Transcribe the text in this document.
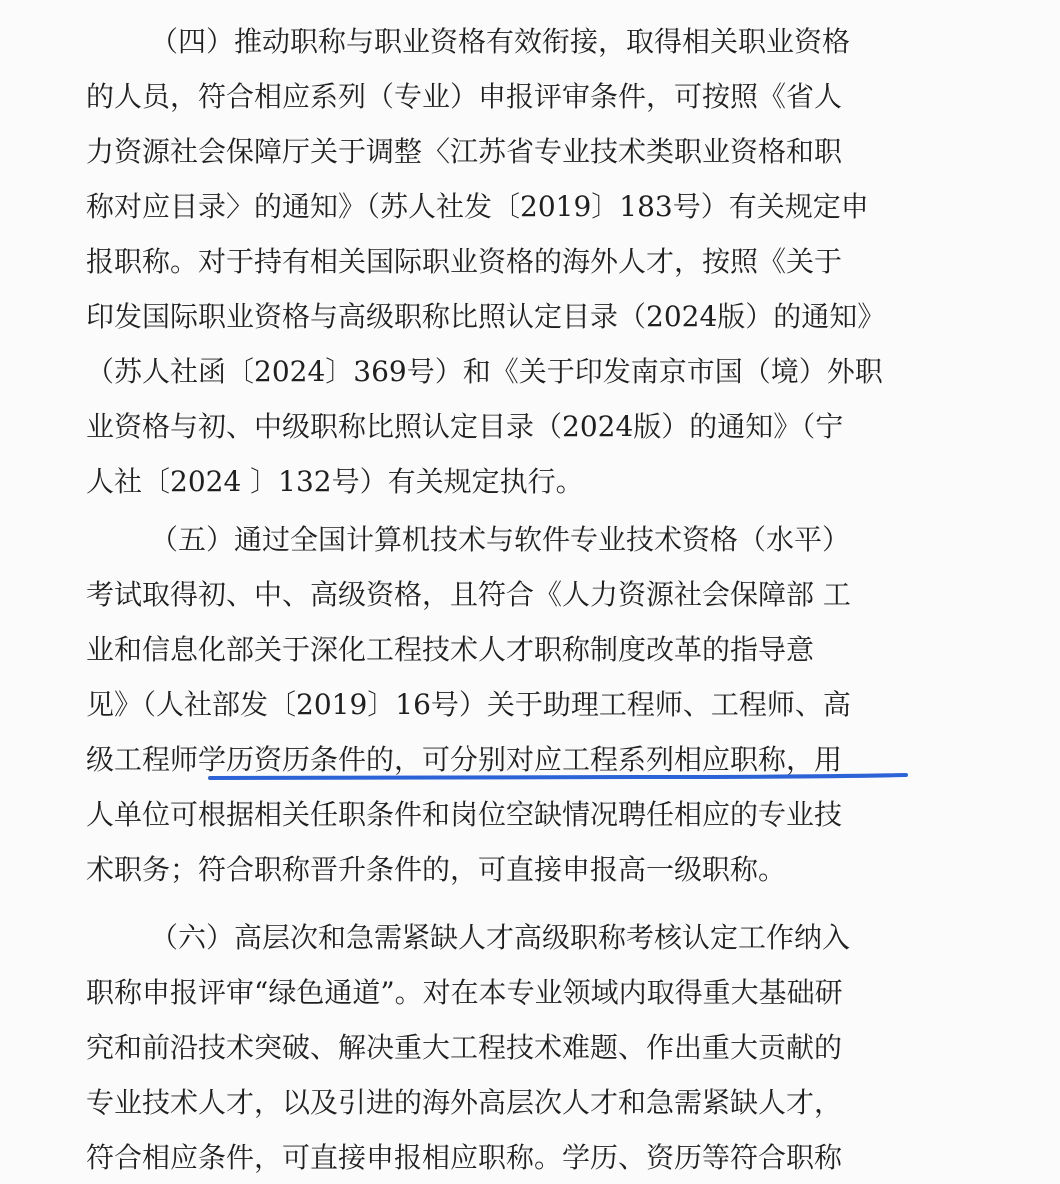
（四）推动职称与职业资格有效衔接，取得相关职业资格
的人员，符合相应系列（专业）申报评审条件，可按照《省人
力资源社会保障厅关于调整〈江苏省专业技术类职业资格和职
称对应目录〉的通知》（苏人社发〔2019〕183号）有关规定申
报职称。对于持有相关国际职业资格的海外人才，按照《关于
印发国际职业资格与高级职称比照认定目录（2024版）的通知》
（苏人社函〔2024〕369号）和《关于印发南京市国（境）外职
业资格与初、中级职称比照认定目录（2024版）的通知》（宁
人社〔2024 〕132号）有关规定执行。
（五）通过全国计算机技术与软件专业技术资格（水平）
考试取得初、中、高级资格，且符合《人力资源社会保障部 工
业和信息化部关于深化工程技术人才职称制度改革的指导意
见》（人社部发〔2019〕16号）关于助理工程师、工程师、高
级工程师学历资历条件的，可分别对应工程系列相应职称，用
人单位可根据相关任职条件和岗位空缺情况聘任相应的专业技
术职务；符合职称晋升条件的，可直接申报高一级职称。
（六）高层次和急需紧缺人才高级职称考核认定工作纳入
职称申报评审“绿色通道”。对在本专业领域内取得重大基础研
究和前沿技术突破、解决重大工程技术难题、作出重大贡献的
专业技术人才，以及引进的海外高层次人才和急需紧缺人才，
符合相应条件，可直接申报相应职称。学历、资历等符合职称
